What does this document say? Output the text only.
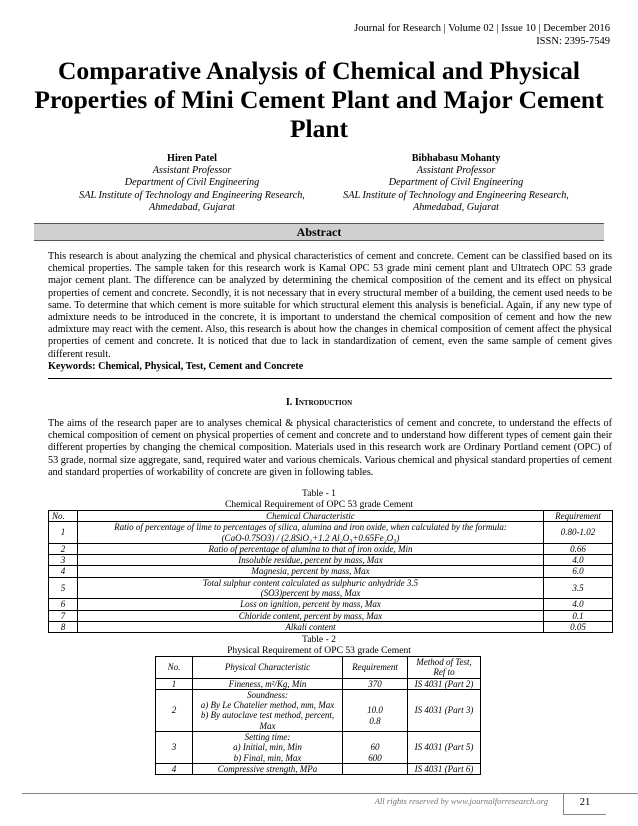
Journal for Research | Volume 02 | Issue 10 | December 2016
ISSN: 2395-7549
Comparative Analysis of Chemical and Physical Properties of Mini Cement Plant and Major Cement Plant
Hiren Patel
Assistant Professor
Department of Civil Engineering
SAL Institute of Technology and Engineering Research,
Ahmedabad, Gujarat
Bibhabasu Mohanty
Assistant Professor
Department of Civil Engineering
SAL Institute of Technology and Engineering Research,
Ahmedabad, Gujarat
Abstract
This research is about analyzing the chemical and physical characteristics of cement and concrete. Cement can be classified based on its chemical properties. The sample taken for this research work is Kamal OPC 53 grade mini cement plant and Ultratech OPC 53 grade major cement plant. The difference can be analyzed by determining the chemical composition of the cement and its effect on physical properties of cement and concrete. Secondly, it is not necessary that in every structural member of a building, the cement used needs to be same. To determine that which cement is more suitable for which structural element this analysis is beneficial. Again, if any new type of admixture needs to be introduced in the concrete, it is important to understand the chemical composition of cement and how the new admixture may react with the cement. Also, this research is about how the changes in chemical composition of cement affect the physical properties of cement and concrete. It is noticed that due to lack in standardization of cement, even the same sample of cement gives different result.
Keywords: Chemical, Physical, Test, Cement and Concrete
I. Introduction
The aims of the research paper are to analyses chemical & physical characteristics of cement and concrete, to understand the effects of chemical composition of cement on physical properties of cement and concrete and to understand how different types of cement gain their different properties by changing the chemical composition. Materials used in this research work are Ordinary Portland cement (OPC) of 53 grade, normal size aggregate, sand, required water and various chemicals. Various chemical and physical standard properties of cement and standard properties of workability of concrete are given in following tables.
Table - 1
Chemical Requirement of OPC 53 grade Cement
No.	Chemical Characteristic	Requirement
1	Ratio of percentage of lime to percentages of silica, alumina and iron oxide, when calculated by the formula:
(CaO-0.7SO3) / (2.8SiO₂+1.2 Al₂O₃+0.65Fe₂O₃)	0.80-1.02
2	Ratio of percentage of alumina to that of iron oxide, Min	0.66
3	Insoluble residue, percent by mass, Max	4.0
4	Magnesia, percent by mass, Max	6.0
5	Total sulphur content calculated as sulphuric anhydride 3.5
(SO3)percent by mass, Max	3.5
6	Loss on ignition, percent by mass, Max	4.0
7	Chloride content, percent by mass, Max	0.1
8	Alkali content	0.05
Table - 2
Physical Requirement of OPC 53 grade Cement
No.	Physical Characteristic	Requirement	Method of Test, Ref to
1	Fineness, m²/Kg, Min	370	IS 4031 (Part 2)
2	Soundness:
a) By Le Chatelier method, mm, Max
b) By autoclave test method, percent, Max	10.0
0.8	IS 4031 (Part 3)
3	Setting time:
a) Initial, min, Min
b) Final, min, Max	60
600	IS 4031 (Part 5)
4	Compressive strength, MPa		IS 4031 (Part 6)
All rights reserved by www.journalforresearch.org	21
